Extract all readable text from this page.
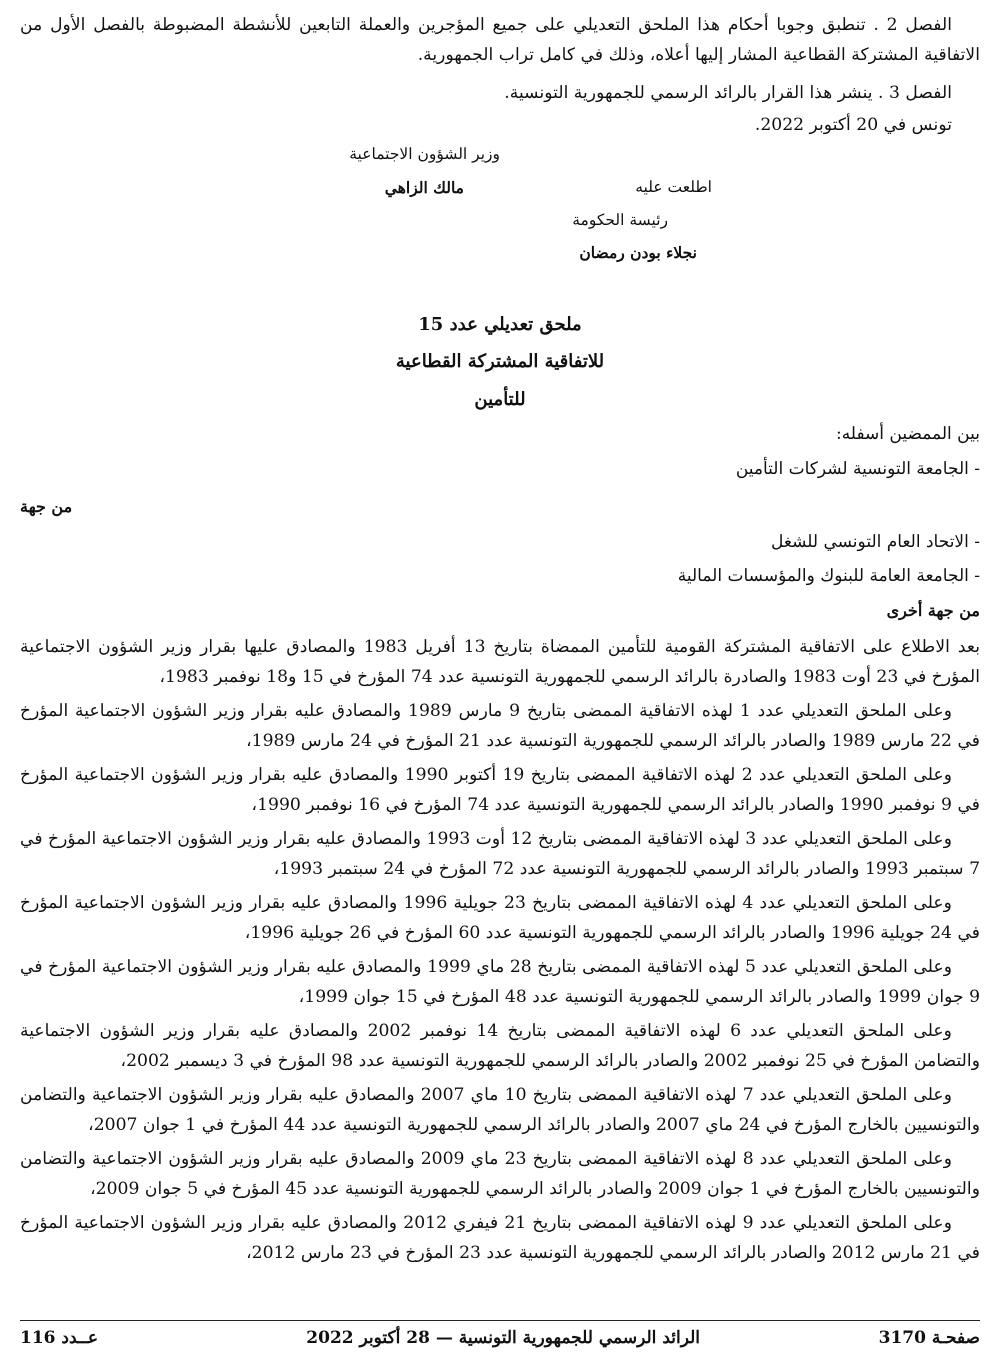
الفصل 2 . تنطبق وجوبا أحكام هذا الملحق التعديلي على جميع المؤجرين والعملة التابعين للأنشطة المضبوطة بالفصل الأول من الاتفاقية المشتركة القطاعية المشار إليها أعلاه، وذلك في كامل تراب الجمهورية.

الفصل 3 . ينشر هذا القرار بالرائد الرسمي للجمهورية التونسية.

تونس في 20 أكتوبر 2022.

وزير الشؤون الاجتماعية
اطلعت عليه
مالك الزاهي
رئيسة الحكومة
نجلاء بودن رمضان
ملحق تعديلي عدد 15
للاتفاقية المشتركة القطاعية
للتأمين
بين الممضين أسفله:
- الجامعة التونسية لشركات التأمين
من جهة
- الاتحاد العام التونسي للشغل
- الجامعة العامة للبنوك والمؤسسات المالية
من جهة أخرى

بعد الاطلاع على الاتفاقية المشتركة القومية للتأمين الممضاة بتاريخ 13 أفريل 1983 والمصادق عليها بقرار وزير الشؤون الاجتماعية المؤرخ في 23 أوت 1983 والصادرة بالرائد الرسمي للجمهورية التونسية عدد 74 المؤرخ في 15 و18 نوفمبر 1983،

وعلى الملحق التعديلي عدد 1 لهذه الاتفاقية الممضى بتاريخ 9 مارس 1989 والمصادق عليه بقرار وزير الشؤون الاجتماعية المؤرخ في 22 مارس 1989 والصادر بالرائد الرسمي للجمهورية التونسية عدد 21 المؤرخ في 24 مارس 1989،

وعلى الملحق التعديلي عدد 2 لهذه الاتفاقية الممضى بتاريخ 19 أكتوبر 1990 والمصادق عليه بقرار وزير الشؤون الاجتماعية المؤرخ في 9 نوفمبر 1990 والصادر بالرائد الرسمي للجمهورية التونسية عدد 74 المؤرخ في 16 نوفمبر 1990،

وعلى الملحق التعديلي عدد 3 لهذه الاتفاقية الممضى بتاريخ 12 أوت 1993 والمصادق عليه بقرار وزير الشؤون الاجتماعية المؤرخ في 7 سبتمبر 1993 والصادر بالرائد الرسمي للجمهورية التونسية عدد 72 المؤرخ في 24 سبتمبر 1993،

وعلى الملحق التعديلي عدد 4 لهذه الاتفاقية الممضى بتاريخ 23 جويلية 1996 والمصادق عليه بقرار وزير الشؤون الاجتماعية المؤرخ في 24 جويلية 1996 والصادر بالرائد الرسمي للجمهورية التونسية عدد 60 المؤرخ في 26 جويلية 1996،

وعلى الملحق التعديلي عدد 5 لهذه الاتفاقية الممضى بتاريخ 28 ماي 1999 والمصادق عليه بقرار وزير الشؤون الاجتماعية المؤرخ في 9 جوان 1999 والصادر بالرائد الرسمي للجمهورية التونسية عدد 48 المؤرخ في 15 جوان 1999،

وعلى الملحق التعديلي عدد 6 لهذه الاتفاقية الممضى بتاريخ 14 نوفمبر 2002 والمصادق عليه بقرار وزير الشؤون الاجتماعية والتضامن المؤرخ في 25 نوفمبر 2002 والصادر بالرائد الرسمي للجمهورية التونسية عدد 98 المؤرخ في 3 ديسمبر 2002،

وعلى الملحق التعديلي عدد 7 لهذه الاتفاقية الممضى بتاريخ 10 ماي 2007 والمصادق عليه بقرار وزير الشؤون الاجتماعية والتضامن والتونسيين بالخارج المؤرخ في 24 ماي 2007 والصادر بالرائد الرسمي للجمهورية التونسية عدد 44 المؤرخ في 1 جوان 2007،

وعلى الملحق التعديلي عدد 8 لهذه الاتفاقية الممضى بتاريخ 23 ماي 2009 والمصادق عليه بقرار وزير الشؤون الاجتماعية والتضامن والتونسيين بالخارج المؤرخ في 1 جوان 2009 والصادر بالرائد الرسمي للجمهورية التونسية عدد 45 المؤرخ في 5 جوان 2009،

وعلى الملحق التعديلي عدد 9 لهذه الاتفاقية الممضى بتاريخ 21 فيفري 2012 والمصادق عليه بقرار وزير الشؤون الاجتماعية المؤرخ في 21 مارس 2012 والصادر بالرائد الرسمي للجمهورية التونسية عدد 23 المؤرخ في 23 مارس 2012،

صفحـة 3170
الرائد الرسمي للجمهورية التونسية — 28 أكتوبر 2022
عــدد 116
